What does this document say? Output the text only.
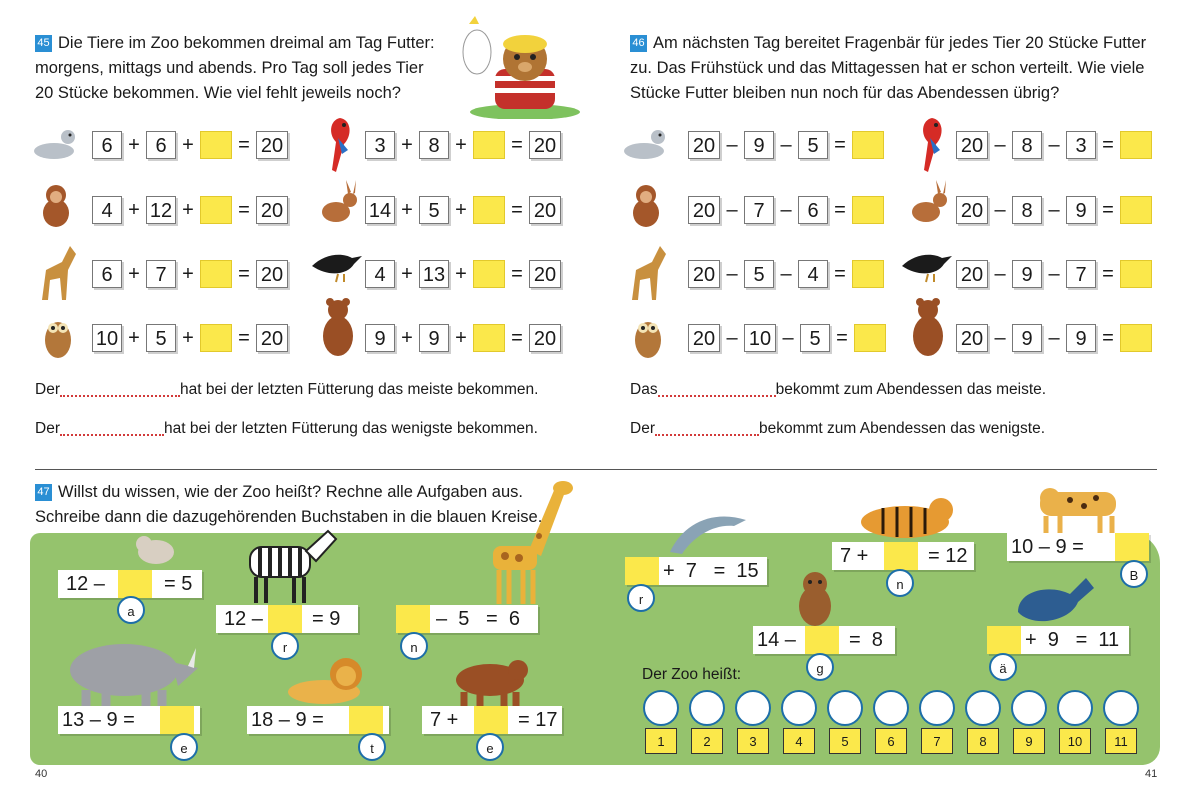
45 Die Tiere im Zoo bekommen dreimal am Tag Futter:
morgens, mittags und abends. Pro Tag soll jedes Tier
20 Stücke bekommen. Wie viel fehlt jeweils noch?
6 + 6 +	= 20
4 + 12 +	= 20
6 + 7 +	= 20
10 + 5 +	= 20
3 + 8 +	= 20
14 + 5 +	= 20
4 + 13 +	= 20
9 + 9 +	= 20
Der	hat bei der letzten Fütterung das meiste bekommen.
Der	hat bei der letzten Fütterung das wenigste bekommen.
46 Am nächsten Tag bereitet Fragenbär für jedes Tier 20 Stücke Futter
zu. Das Frühstück und das Mittagessen hat er schon verteilt. Wie viele
Stücke Futter bleiben nun noch für das Abendessen übrig?
20 – 9 – 5 =
20 – 7 – 6 =
20 – 5 – 4 =
20 – 10 – 5 =
20 – 8 – 3 =
20 – 8 – 9 =
20 – 9 – 7 =
20 – 9 – 9 =
Das	bekommt zum Abendessen das meiste.
Der	bekommt zum Abendessen das wenigste.
47 Willst du wissen, wie der Zoo heißt? Rechne alle Aufgaben aus.
Schreibe dann die dazugehörenden Buchstaben in die blauen Kreise.
12 –	= 5
a	12 –	= 9
r
–  5   =  6
n
13 – 9 =
e
18 – 9 =
t
7 +	= 17
e
+  7   =  15
r
7 +	= 12
n
10 – 9 =
B
14 –	=  8
g
+  9   =  11
ä
Der Zoo heißt:
1	2	3	4	5	6	7	8	9	10	11
40	41
